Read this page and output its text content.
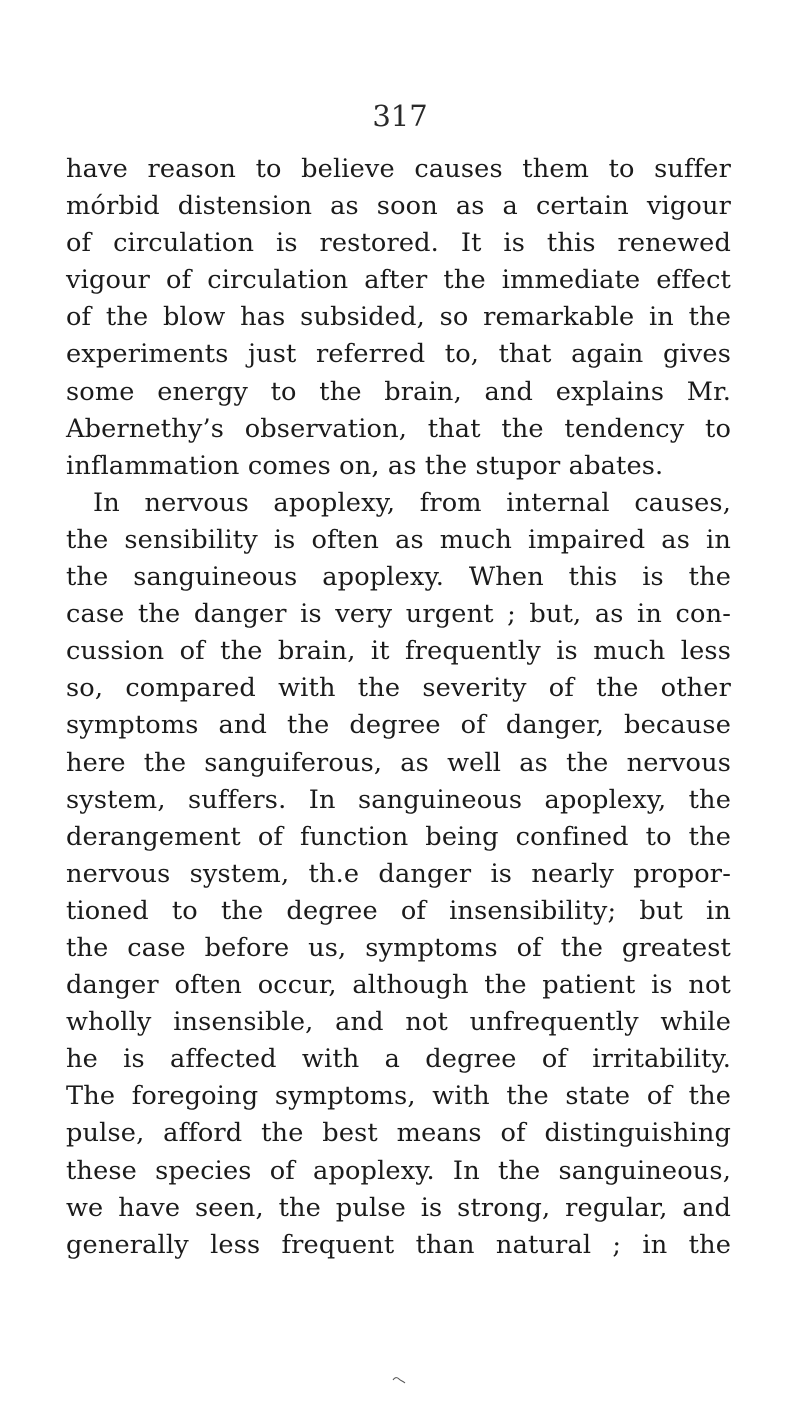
317
have reason to believe causes them to suffer
mórbid distension as soon as a certain vigour
of circulation is restored. It is this renewed
vigour of circulation after the immediate effect
of the blow has subsided, so remarkable in the
experiments just referred to, that again gives
some energy to the brain, and explains Mr.
Abernethy’s observation, that the tendency to
inflammation comes on, as the stupor abates.
In nervous apoplexy, from internal causes,
the sensibility is often as much impaired as in
the sanguineous apoplexy. When this is the
case the danger is very urgent ; but, as in con-
cussion of the brain, it frequently is much less
so, compared with the severity of the other
symptoms and the degree of danger, because
here the sanguiferous, as well as the nervous
system, suffers. In sanguineous apoplexy, the
derangement of function being confined to the
nervous system, th.e danger is nearly propor-
tioned to the degree of insensibility; but in
the case before us, symptoms of the greatest
danger often occur, although the patient is not
wholly insensible, and not unfrequently while
he is affected with a degree of irritability.
The foregoing symptoms, with the state of the
pulse, afford the best means of distinguishing
these species of apoplexy. In the sanguineous,
we have seen, the pulse is strong, regular, and
generally less frequent than natural ; in the
